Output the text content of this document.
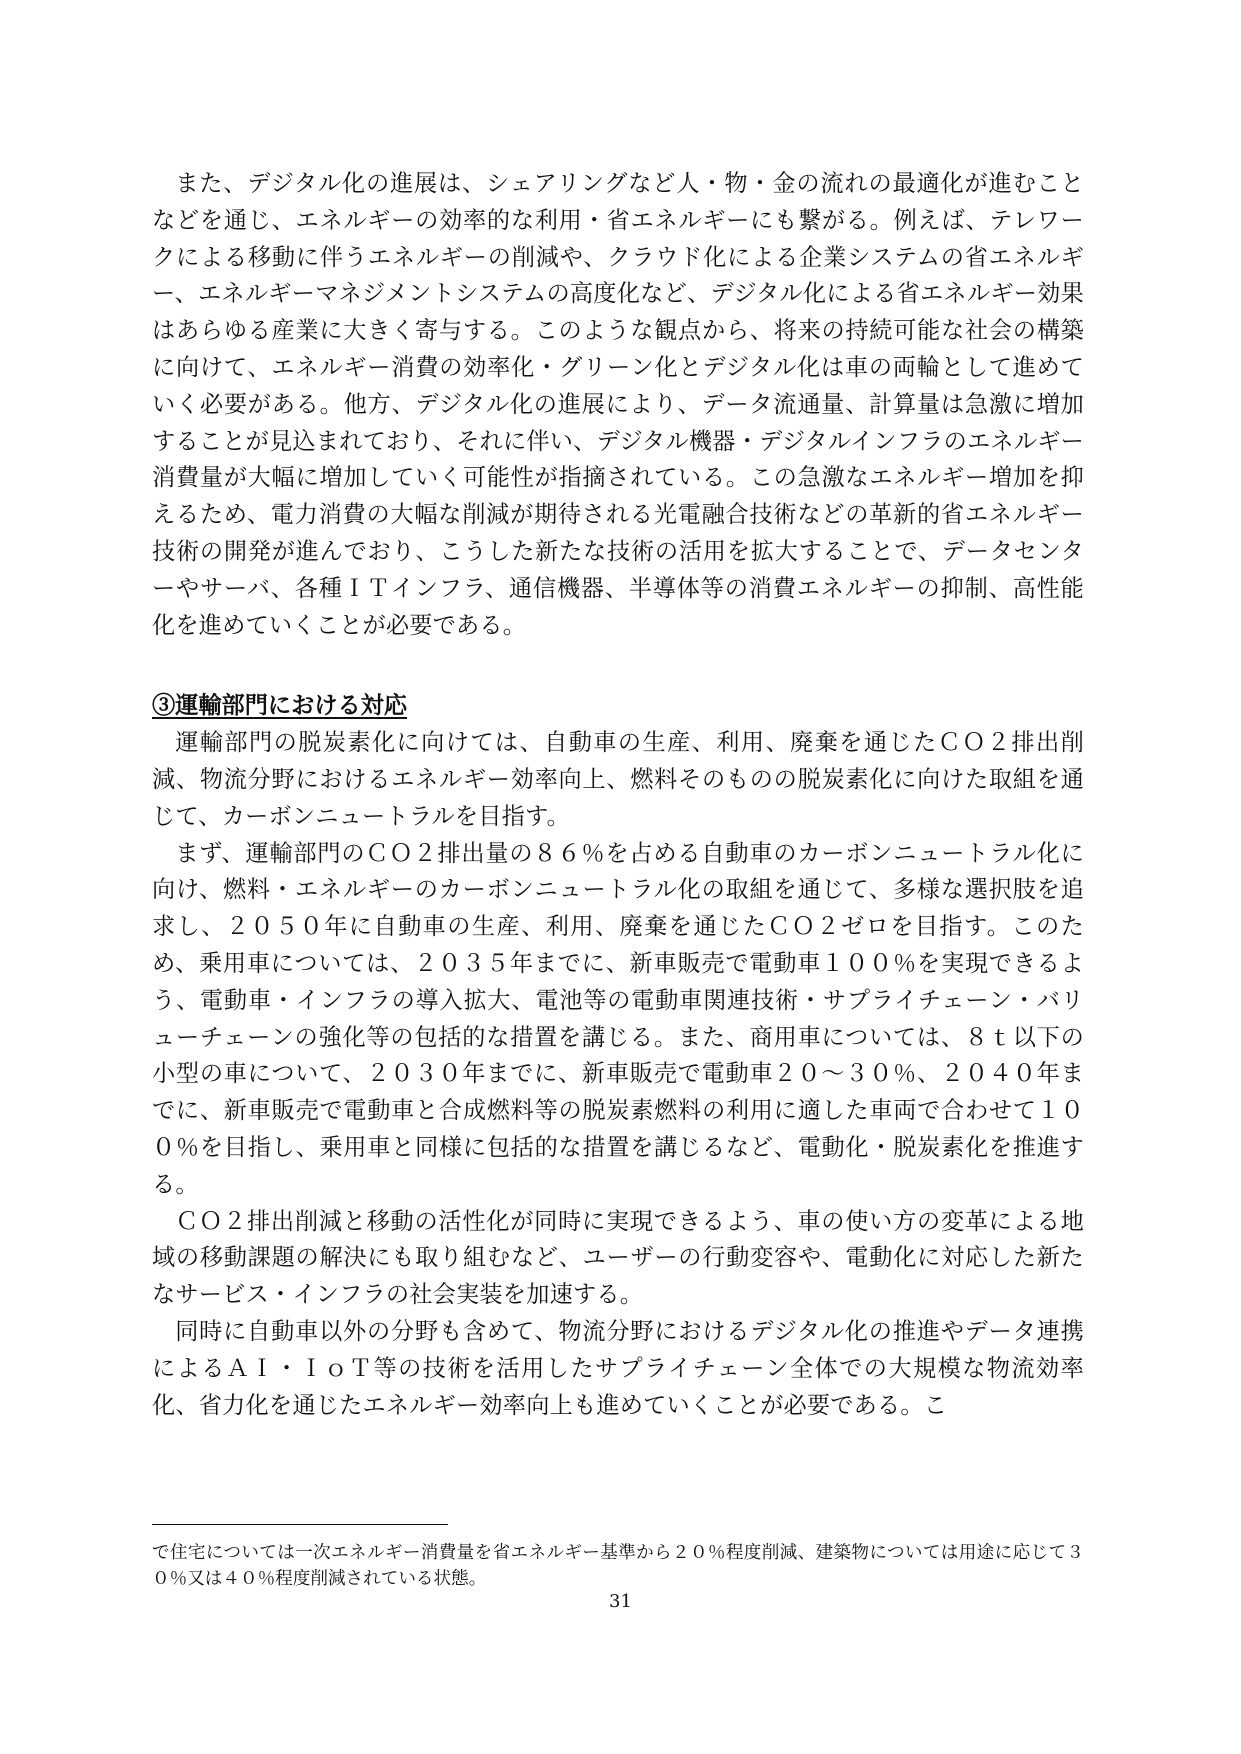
また、デジタル化の進展は、シェアリングなど人・物・金の流れの最適化が進むことなどを通じ、エネルギーの効率的な利用・省エネルギーにも繋がる。例えば、テレワークによる移動に伴うエネルギーの削減や、クラウド化による企業システムの省エネルギー、エネルギーマネジメントシステムの高度化など、デジタル化による省エネルギー効果はあらゆる産業に大きく寄与する。このような観点から、将来の持続可能な社会の構築に向けて、エネルギー消費の効率化・グリーン化とデジタル化は車の両輪として進めていく必要がある。他方、デジタル化の進展により、データ流通量、計算量は急激に増加することが見込まれており、それに伴い、デジタル機器・デジタルインフラのエネルギー消費量が大幅に増加していく可能性が指摘されている。この急激なエネルギー増加を抑えるため、電力消費の大幅な削減が期待される光電融合技術などの革新的省エネルギー技術の開発が進んでおり、こうした新たな技術の活用を拡大することで、データセンターやサーバ、各種ＩＴインフラ、通信機器、半導体等の消費エネルギーの抑制、高性能化を進めていくことが必要である。

③運輸部門における対応

運輸部門の脱炭素化に向けては、自動車の生産、利用、廃棄を通じたＣＯ２排出削減、物流分野におけるエネルギー効率向上、燃料そのものの脱炭素化に向けた取組を通じて、カーボンニュートラルを目指す。

まず、運輸部門のＣＯ２排出量の８６％を占める自動車のカーボンニュートラル化に向け、燃料・エネルギーのカーボンニュートラル化の取組を通じて、多様な選択肢を追求し、２０５０年に自動車の生産、利用、廃棄を通じたＣＯ２ゼロを目指す。このため、乗用車については、２０３５年までに、新車販売で電動車１００％を実現できるよう、電動車・インフラの導入拡大、電池等の電動車関連技術・サプライチェーン・バリューチェーンの強化等の包括的な措置を講じる。また、商用車については、８ｔ以下の小型の車について、２０３０年までに、新車販売で電動車２０～３０％、２０４０年までに、新車販売で電動車と合成燃料等の脱炭素燃料の利用に適した車両で合わせて１００％を目指し、乗用車と同様に包括的な措置を講じるなど、電動化・脱炭素化を推進する。

ＣＯ２排出削減と移動の活性化が同時に実現できるよう、車の使い方の変革による地域の移動課題の解決にも取り組むなど、ユーザーの行動変容や、電動化に対応した新たなサービス・インフラの社会実装を加速する。

同時に自動車以外の分野も含めて、物流分野におけるデジタル化の推進やデータ連携によるＡＩ・ＩｏＴ等の技術を活用したサプライチェーン全体での大規模な物流効率化、省力化を通じたエネルギー効率向上も進めていくことが必要である。こ

で住宅については一次エネルギー消費量を省エネルギー基準から２０％程度削減、建築物については用途に応じて３０％又は４０％程度削減されている状態。

31
